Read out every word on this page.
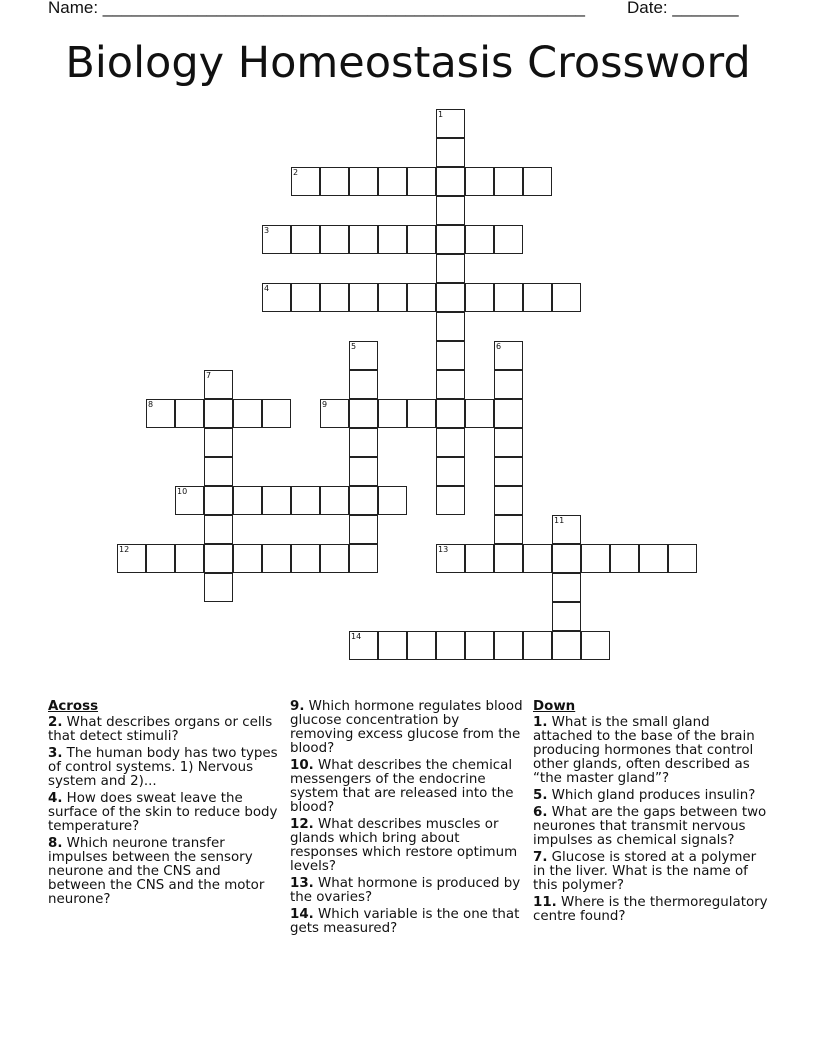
Name: ___________________________________________________ Date: _______
Biology Homeostasis Crossword
1
2
3
4
5	6
7
8	9
10
11
12	13
14
Across
2. What describes organs or cells that detect stimuli?
3. The human body has two types of control systems. 1) Nervous system and 2)...
4. How does sweat leave the surface of the skin to reduce body temperature?
8. Which neurone transfer impulses between the sensory neurone and the CNS and between the CNS and the motor neurone?
9. Which hormone regulates blood glucose concentration by removing excess glucose from the blood?
10. What describes the chemical messengers of the endocrine system that are released into the blood?
12. What describes muscles or glands which bring about responses which restore optimum levels?
13. What hormone is produced by the ovaries?
14. Which variable is the one that gets measured?
Down
1. What is the small gland attached to the base of the brain producing hormones that control other glands, often described as “the master gland”?
5. Which gland produces insulin?
6. What are the gaps between two neurones that transmit nervous impulses as chemical signals?
7. Glucose is stored at a polymer in the liver. What is the name of this polymer?
11. Where is the thermoregulatory centre found?
